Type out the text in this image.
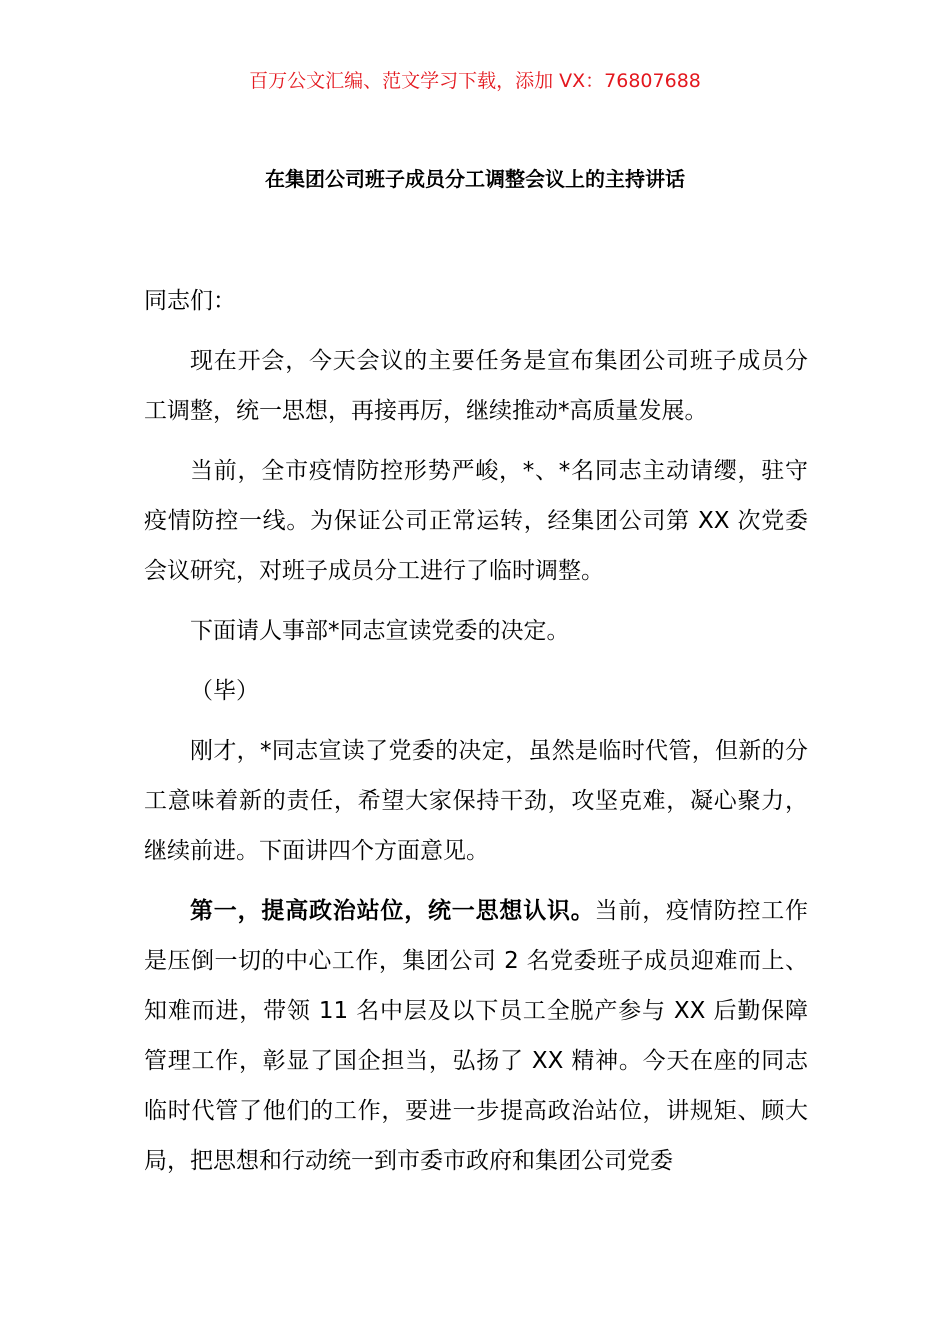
百万公文汇编、范文学习下载，添加 VX：76807688
在集团公司班子成员分工调整会议上的主持讲话

同志们：

现在开会，今天会议的主要任务是宣布集团公司班子成员分工调整，统一思想，再接再厉，继续推动*高质量发展。

当前，全市疫情防控形势严峻，*、*名同志主动请缨，驻守疫情防控一线。为保证公司正常运转，经集团公司第 XX 次党委会议研究，对班子成员分工进行了临时调整。

下面请人事部*同志宣读党委的决定。

（毕）

刚才，*同志宣读了党委的决定，虽然是临时代管，但新的分工意味着新的责任，希望大家保持干劲，攻坚克难，凝心聚力，继续前进。下面讲四个方面意见。

第一，提高政治站位，统一思想认识。当前，疫情防控工作是压倒一切的中心工作，集团公司 2 名党委班子成员迎难而上、知难而进，带领 11 名中层及以下员工全脱产参与 XX 后勤保障管理工作，彰显了国企担当，弘扬了 XX 精神。今天在座的同志临时代管了他们的工作，要进一步提高政治站位，讲规矩、顾大局，把思想和行动统一到市委市政府和集团公司党委
